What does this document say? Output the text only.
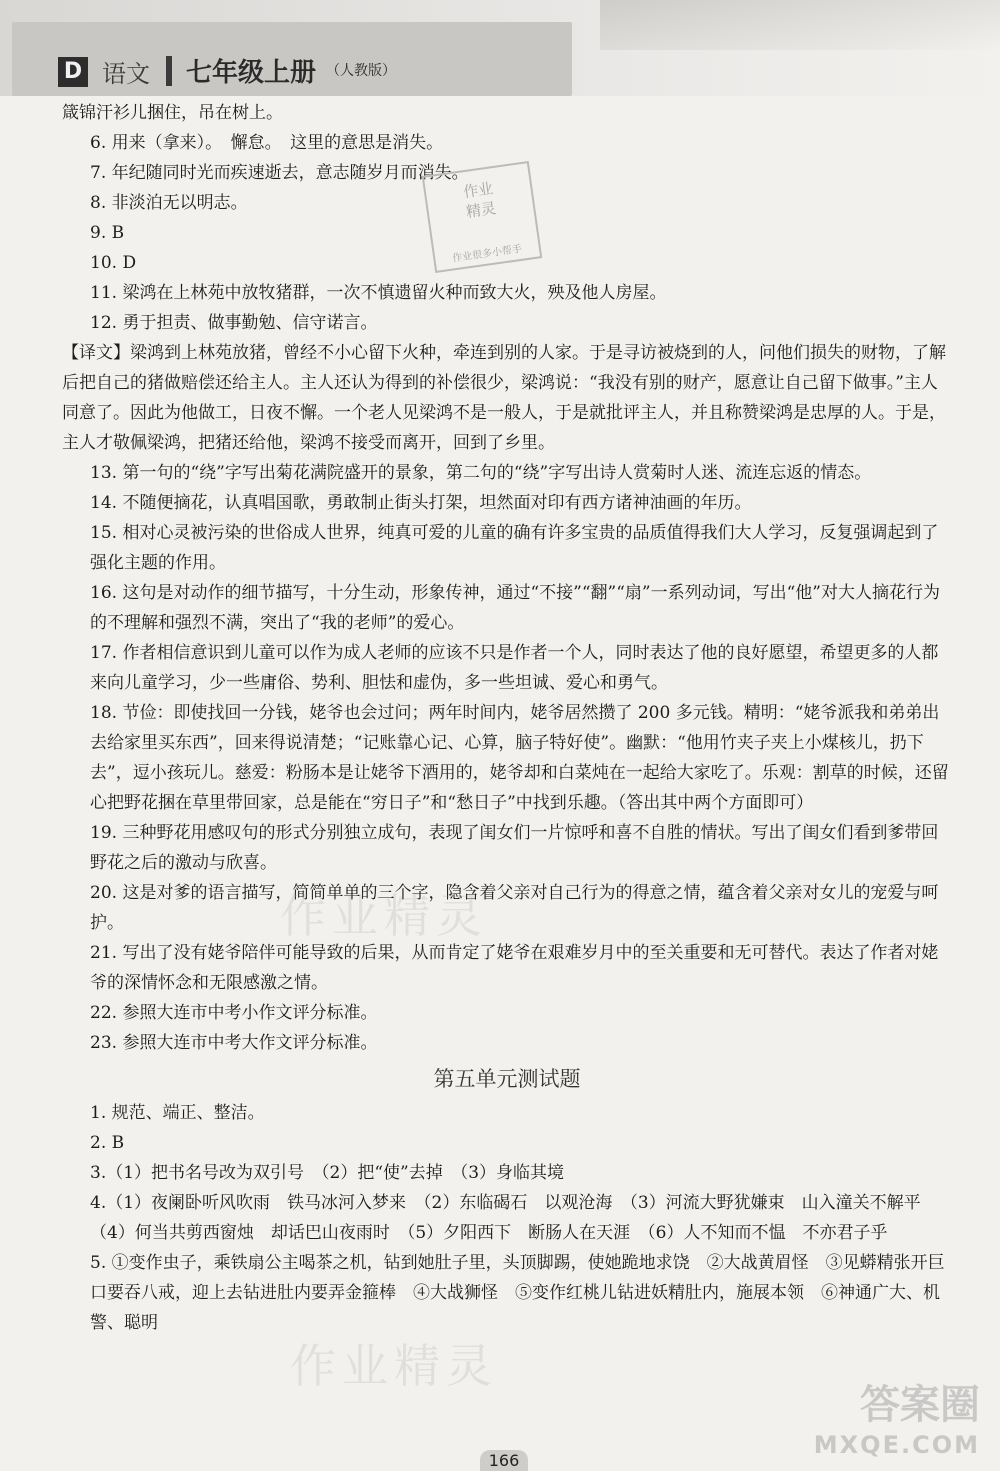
D 语文 七年级上册 （人教版）

箴锦汗衫儿捆住，吊在树上。

6. 用来（拿来）。　懈怠。　这里的意思是消失。

7. 年纪随同时光而疾速逝去，意志随岁月而消失。

8. 非淡泊无以明志。

9. B

10. D

11. 梁鸿在上林苑中放牧猪群，一次不慎遗留火种而致大火，殃及他人房屋。

12. 勇于担责、做事勤勉、信守诺言。

【译文】梁鸿到上林苑放猪，曾经不小心留下火种，牵连到别的人家。于是寻访被烧到的人，问他们损失的财物，了解后把自己的猪做赔偿还给主人。主人还认为得到的补偿很少，梁鸿说：“我没有别的财产，愿意让自己留下做事。”主人同意了。因此为他做工，日夜不懈。一个老人见梁鸿不是一般人，于是就批评主人，并且称赞梁鸿是忠厚的人。于是，主人才敬佩梁鸿，把猪还给他，梁鸿不接受而离开，回到了乡里。

13. 第一句的“绕”字写出菊花满院盛开的景象，第二句的“绕”字写出诗人赏菊时人迷、流连忘返的情态。

14. 不随便摘花，认真唱国歌，勇敢制止街头打架，坦然面对印有西方诸神油画的年历。

15. 相对心灵被污染的世俗成人世界，纯真可爱的儿童的确有许多宝贵的品质值得我们大人学习，反复强调起到了强化主题的作用。

16. 这句是对动作的细节描写，十分生动，形象传神，通过“不接”“翻”“扇”一系列动词，写出“他”对大人摘花行为的不理解和强烈不满，突出了“我的老师”的爱心。

17. 作者相信意识到儿童可以作为成人老师的应该不只是作者一个人，同时表达了他的良好愿望，希望更多的人都来向儿童学习，少一些庸俗、势利、胆怯和虚伪，多一些坦诚、爱心和勇气。

18. 节俭：即使找回一分钱，姥爷也会过问；两年时间内，姥爷居然攒了 200 多元钱。精明：“姥爷派我和弟弟出去给家里买东西”，回来得说清楚；“记账靠心记、心算，脑子特好使”。幽默：“他用竹夹子夹上小煤核儿，扔下去”，逗小孩玩儿。慈爱：粉肠本是让姥爷下酒用的，姥爷却和白菜炖在一起给大家吃了。乐观：割草的时候，还留心把野花捆在草里带回家，总是能在“穷日子”和“愁日子”中找到乐趣。（答出其中两个方面即可）

19. 三种野花用感叹句的形式分别独立成句，表现了闺女们一片惊呼和喜不自胜的情状。写出了闺女们看到爹带回野花之后的激动与欣喜。

20. 这是对爹的语言描写，简简单单的三个字，隐含着父亲对自己行为的得意之情，蕴含着父亲对女儿的宠爱与呵护。

21. 写出了没有姥爷陪伴可能导致的后果，从而肯定了姥爷在艰难岁月中的至关重要和无可替代。表达了作者对姥爷的深情怀念和无限感激之情。

22. 参照大连市中考小作文评分标准。

23. 参照大连市中考大作文评分标准。

第五单元测试题

1. 规范、端正、整洁。

2. B

3.（1）把书名号改为双引号　（2）把“使”去掉　（3）身临其境

4.（1）夜阑卧听风吹雨　铁马冰河入梦来　（2）东临碣石　以观沧海　（3）河流大野犹嫌束　山入潼关不解平　（4）何当共剪西窗烛　却话巴山夜雨时　（5）夕阳西下　断肠人在天涯　（6）人不知而不愠　不亦君子乎

5. ①变作虫子，乘铁扇公主喝茶之机，钻到她肚子里，头顶脚踢，使她跪地求饶　②大战黄眉怪　③见蟒精张开巨口要吞八戒，迎上去钻进肚内要弄金箍棒　④大战狮怪　⑤变作红桃儿钻进妖精肚内，施展本领　⑥神通广大、机警、聪明

作业
精灵
作业很多小帮手
作业精灵
作业精灵
166
答案圈
MXQE.COM
